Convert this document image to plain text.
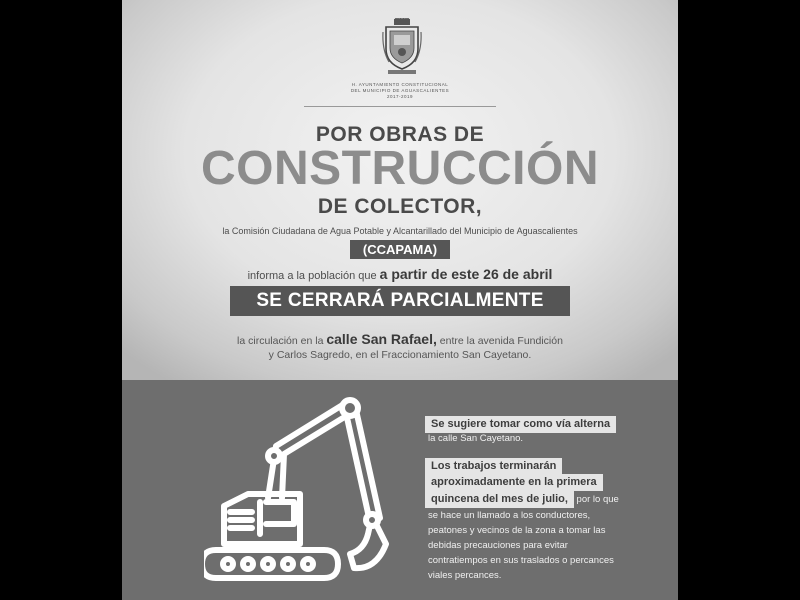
H. AYUNTAMIENTO CONSTITUCIONAL
DEL MUNICIPIO DE AGUASCALIENTES
2017-2019
POR OBRAS DE
CONSTRUCCIÓN
DE COLECTOR,
la Comisión Ciudadana de Agua Potable y Alcantarillado del Municipio de Aguascalientes
(CCAPAMA)
informa a la población que a partir de este 26 de abril
SE CERRARÁ PARCIALMENTE
la circulación en la calle San Rafael, entre la avenida Fundición
y Carlos Sagredo, en el Fraccionamiento San Cayetano.
Se sugiere tomar como vía alterna
la calle San Cayetano.
Los trabajos terminarán
aproximadamente en la primera
quincena del mes de julio, por lo que
se hace un llamado a los conductores,
peatones y vecinos de la zona a tomar las
debidas precauciones para evitar
contratiempos en sus traslados o percances
viales percances.
